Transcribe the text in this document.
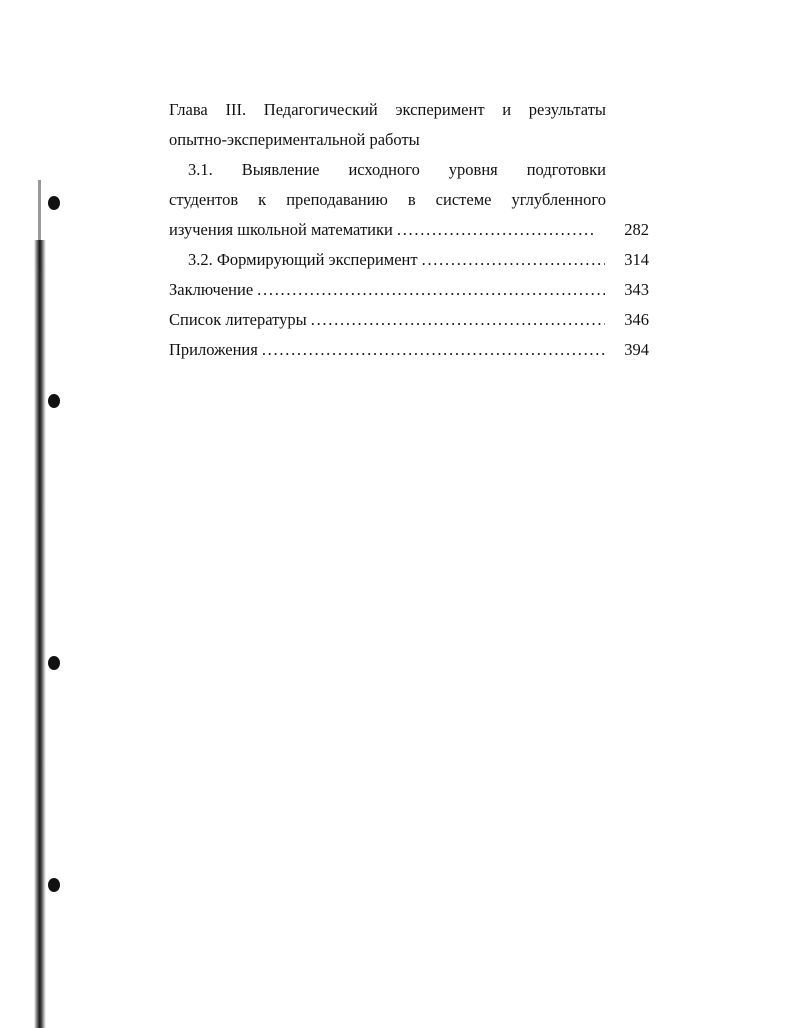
Глава III. Педагогический эксперимент и результаты
опытно-экспериментальной работы
3.1. Выявление исходного уровня подготовки
студентов к преподаванию в системе углубленного
изучения школьной математики . . .	282
3.2. Формирующий эксперимент . . .	314
Заключение . . .	343
Список литературы . . .	346
Приложения . . .	394
